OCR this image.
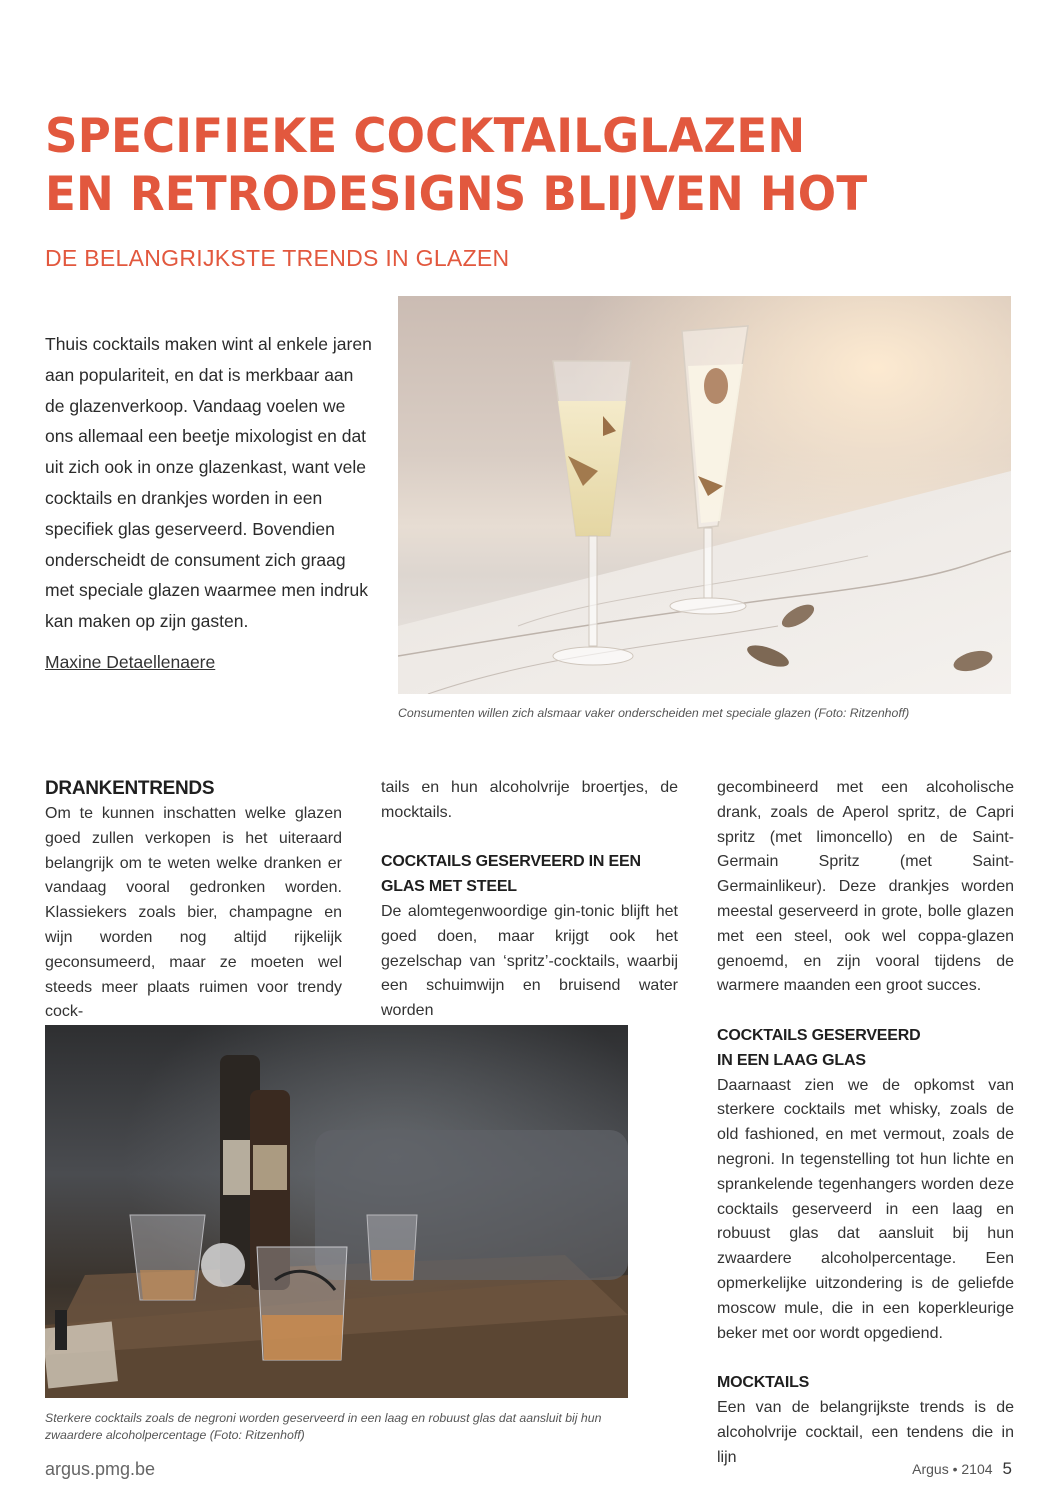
SPECIFIEKE COCKTAILGLAZEN
EN RETRODESIGNS BLIJVEN HOT
DE BELANGRIJKSTE TRENDS IN GLAZEN

Thuis cocktails maken wint al enkele jaren aan populariteit, en dat is merkbaar aan de glazenverkoop. Vandaag voelen we ons allemaal een beetje mixologist en dat uit zich ook in onze glazenkast, want vele cocktails en drankjes worden in een specifiek glas geserveerd. Bovendien onderscheidt de consument zich graag met speciale glazen waarmee men indruk kan maken op zijn gasten.

Maxine Detaellenaere

Consumenten willen zich alsmaar vaker onderscheiden met speciale glazen (Foto: Ritzenhoff)

DRANKENTRENDS

Om te kunnen inschatten welke glazen goed zullen verkopen is het uiteraard belangrijk om te weten welke dranken er vandaag vooral gedronken worden. Klassiekers zoals bier, champagne en wijn worden nog altijd rijkelijk geconsumeerd, maar ze moeten wel steeds meer plaats ruimen voor trendy cock-

tails en hun alcoholvrije broertjes, de mocktails.

COCKTAILS GESERVEERD IN EEN GLAS MET STEEL

De alomtegenwoordige gin-tonic blijft het goed doen, maar krijgt ook het gezelschap van ‘spritz’-cocktails, waarbij een schuimwijn en bruisend water worden

gecombineerd met een alcoholische drank, zoals de Aperol spritz, de Capri spritz (met limoncello) en de Saint-Germain Spritz (met Saint-Germainlikeur). Deze drankjes worden meestal geserveerd in grote, bolle glazen met een steel, ook wel coppa-glazen genoemd, en zijn vooral tijdens de warmere maanden een groot succes.

COCKTAILS GESERVEERD
IN EEN LAAG GLAS

Daarnaast zien we de opkomst van sterkere cocktails met whisky, zoals de old fashioned, en met vermout, zoals de negroni. In tegenstelling tot hun lichte en sprankelende tegenhangers worden deze cocktails geserveerd in een laag en robuust glas dat aansluit bij hun zwaardere alcoholpercentage. Een opmerkelijke uitzondering is de geliefde moscow mule, die in een koperkleurige beker met oor wordt opgediend.

MOCKTAILS

Een van de belangrijkste trends is de alcoholvrije cocktail, een tendens die in lijn

Sterkere cocktails zoals de negroni worden geserveerd in een laag en robuust glas dat aansluit bij hun zwaardere alcoholpercentage (Foto: Ritzenhoff)

argus.pmg.be	Argus • 2104 5
